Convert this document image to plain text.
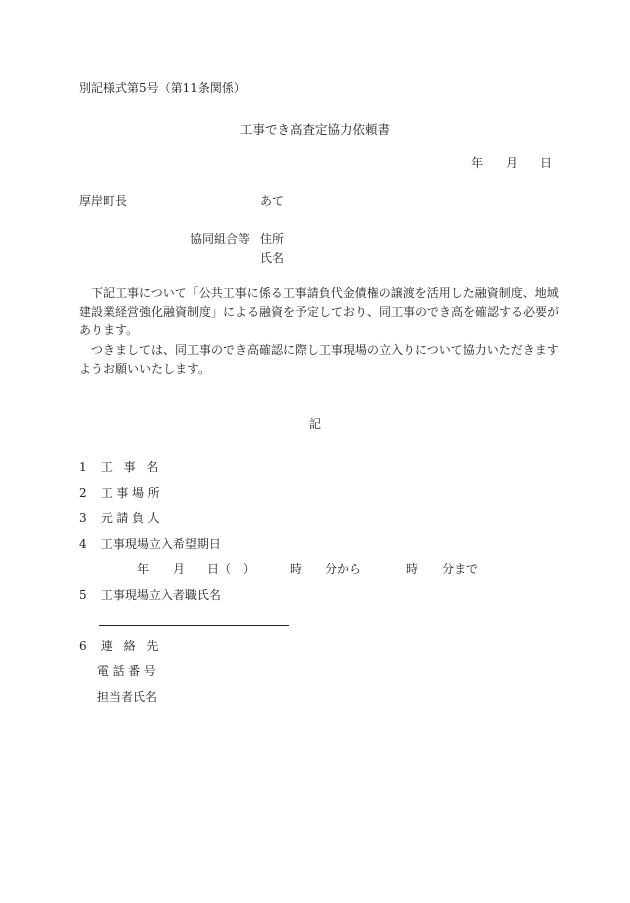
別記様式第5号（第11条関係）
工事でき高査定協力依頼書
年 月 日
厚岸町長	あて
協同組合等 住所
氏名

下記工事について「公共工事に係る工事請負代金債権の譲渡を活用した融資制度、地域建設業経営強化融資制度」による融資を予定しており、同工事のでき高を確認する必要があります。

つきましては、同工事のでき高確認に際し工事現場の立入りについて協力いただきますようお願いいたします。

記
1 工事名
2 工事場所
3 元請負人
4 工事現場立入希望期日
年 月 日（　）	時 分から	時 分まで
5 工事現場立入者職氏名
6 連絡先
電話番号
担当者氏名
